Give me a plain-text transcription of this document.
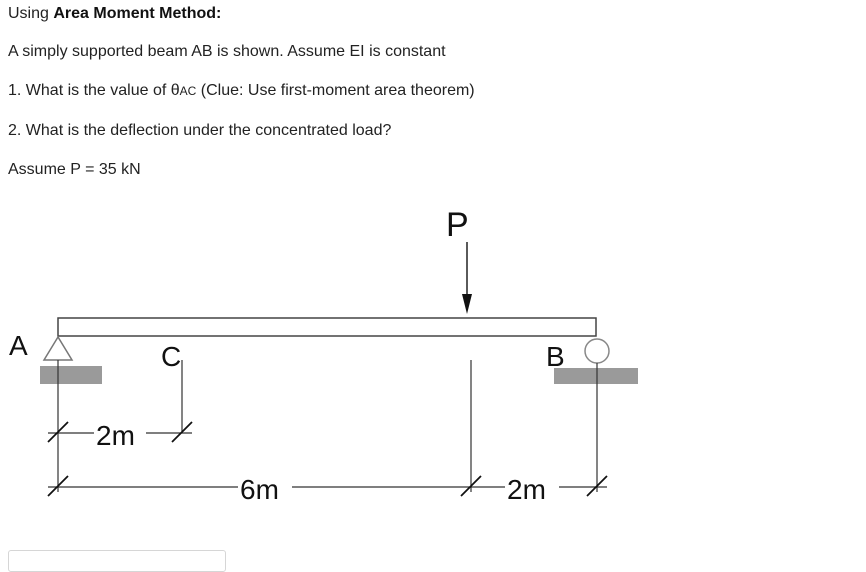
Using Area Moment Method:
A simply supported beam AB is shown. Assume EI is constant
1. What is the value of θAC (Clue: Use first-moment area theorem)
2. What is the deflection under the concentrated load?
Assume P = 35 kN
P
A	C	B
2m
6m	2m
